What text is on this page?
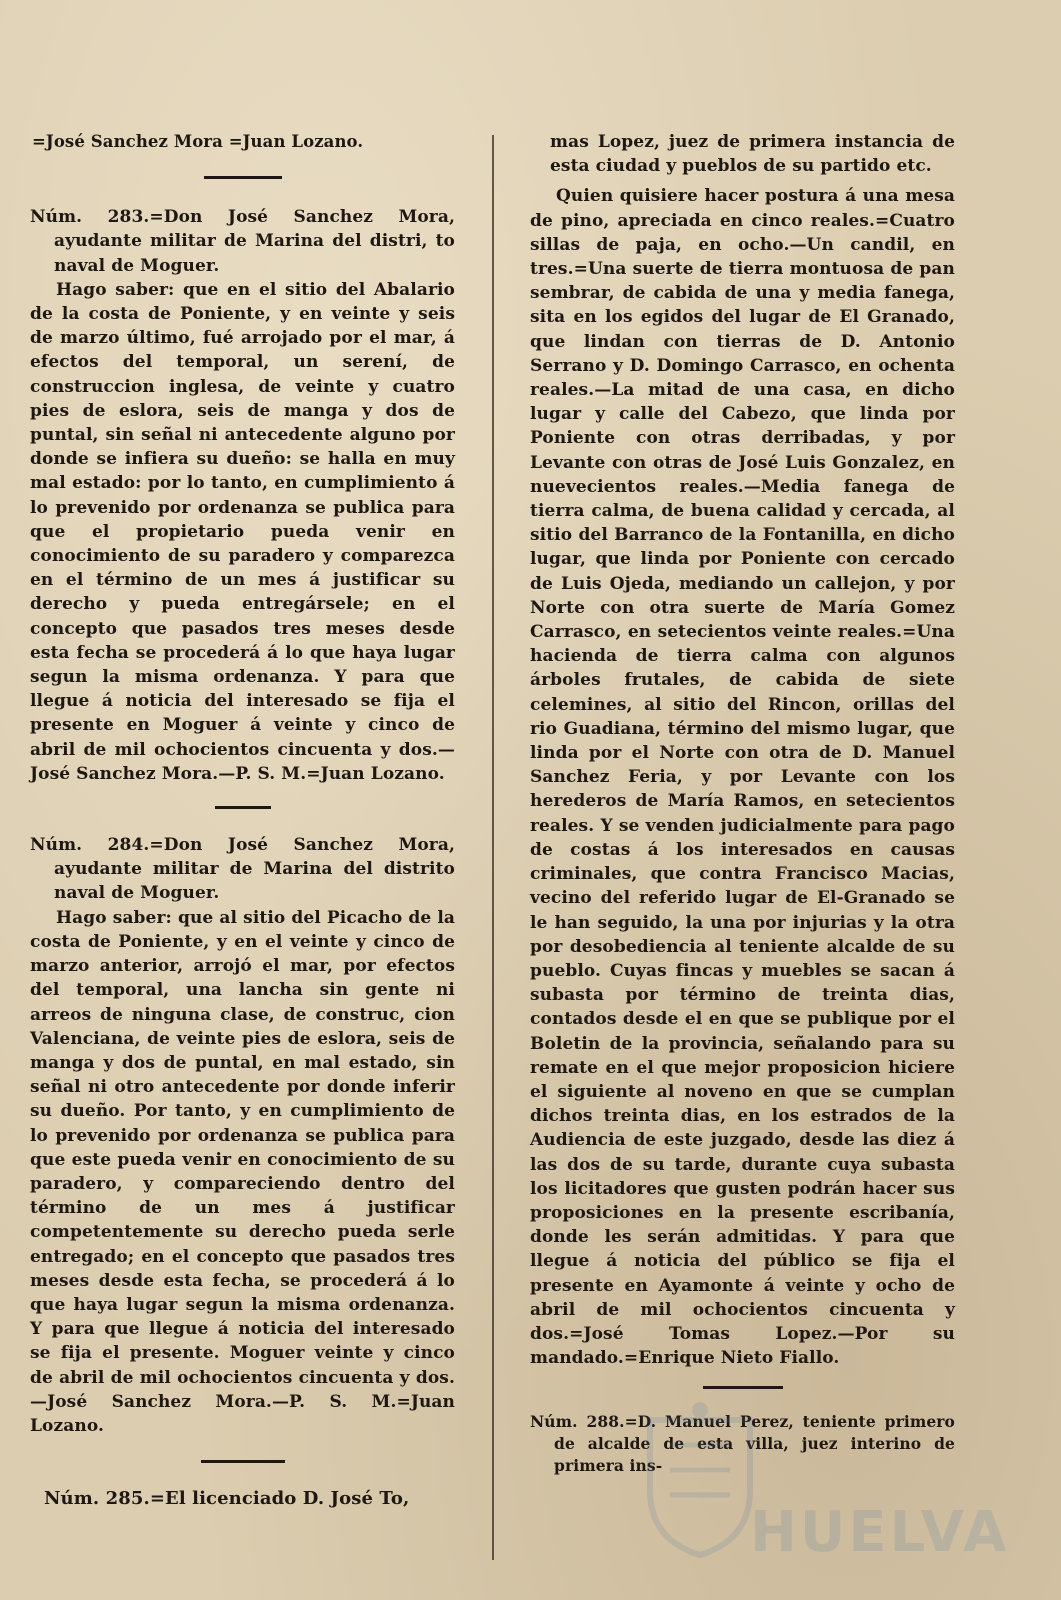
=José Sanchez Mora =Juan Lozano.

Núm. 283.=Don José Sanchez Mora, ayudante militar de Marina del distri, to naval de Moguer.

Hago saber: que en el sitio del Abalario de la costa de Poniente, y en veinte y seis de marzo último, fué arrojado por el mar, á efectos del temporal, un serení, de construccion inglesa, de veinte y cuatro pies de eslora, seis de manga y dos de puntal, sin señal ni antecedente alguno por donde se infiera su dueño: se halla en muy mal estado: por lo tanto, en cumplimiento á lo prevenido por ordenanza se publica para que el propietario pueda venir en conocimiento de su paradero y comparezca en el término de un mes á justificar su derecho y pueda entregársele; en el concepto que pasados tres meses desde esta fecha se procederá á lo que haya lugar segun la misma ordenanza. Y para que llegue á noticia del interesado se fija el presente en Moguer á veinte y cinco de abril de mil ochocientos cincuenta y dos.—José Sanchez Mora.—P. S. M.=Juan Lozano.

Núm. 284.=Don José Sanchez Mora, ayudante militar de Marina del distrito naval de Moguer.

Hago saber: que al sitio del Picacho de la costa de Poniente, y en el veinte y cinco de marzo anterior, arrojó el mar, por efectos del temporal, una lancha sin gente ni arreos de ninguna clase, de construc, cion Valenciana, de veinte pies de eslora, seis de manga y dos de puntal, en mal estado, sin señal ni otro antecedente por donde inferir su dueño. Por tanto, y en cumplimiento de lo prevenido por ordenanza se publica para que este pueda venir en conocimiento de su paradero, y compareciendo dentro del término de un mes á justificar competentemente su derecho pueda serle entregado; en el concepto que pasados tres meses desde esta fecha, se procederá á lo que haya lugar segun la misma ordenanza. Y para que llegue á noticia del interesado se fija el presente. Moguer veinte y cinco de abril de mil ochocientos cincuenta y dos.—José Sanchez Mora.—P. S. M.=Juan Lozano.

Núm. 285.=El licenciado D. José To,

mas Lopez, juez de primera instancia de esta ciudad y pueblos de su partido etc.

Quien quisiere hacer postura á una mesa de pino, apreciada en cinco reales.=Cuatro sillas de paja, en ocho.—Un candil, en tres.=Una suerte de tierra montuosa de pan sembrar, de cabida de una y media fanega, sita en los egidos del lugar de El Granado, que lindan con tierras de D. Antonio Serrano y D. Domingo Carrasco, en ochenta reales.—La mitad de una casa, en dicho lugar y calle del Cabezo, que linda por Poniente con otras derribadas, y por Levante con otras de José Luis Gonzalez, en nuevecientos reales.—Media fanega de tierra calma, de buena calidad y cercada, al sitio del Barranco de la Fontanilla, en dicho lugar, que linda por Poniente con cercado de Luis Ojeda, mediando un callejon, y por Norte con otra suerte de María Gomez Carrasco, en setecientos veinte reales.=Una hacienda de tierra calma con algunos árboles frutales, de cabida de siete celemines, al sitio del Rincon, orillas del rio Guadiana, término del mismo lugar, que linda por el Norte con otra de D. Manuel Sanchez Feria, y por Levante con los herederos de María Ramos, en setecientos reales. Y se venden judicialmente para pago de costas á los interesados en causas criminales, que contra Francisco Macias, vecino del referido lugar de El-Granado se le han seguido, la una por injurias y la otra por desobediencia al teniente alcalde de su pueblo. Cuyas fincas y muebles se sacan á subasta por término de treinta dias, contados desde el en que se publique por el Boletin de la provincia, señalando para su remate en el que mejor proposicion hiciere el siguiente al noveno en que se cumplan dichos treinta dias, en los estrados de la Audiencia de este juzgado, desde las diez á las dos de su tarde, durante cuya subasta los licitadores que gusten podrán hacer sus proposiciones en la presente escribanía, donde les serán admitidas. Y para que llegue á noticia del público se fija el presente en Ayamonte á veinte y ocho de abril de mil ochocientos cincuenta y dos.=José Tomas Lopez.—Por su mandado.=Enrique Nieto Fiallo.

Núm. 288.=D. Manuel Perez, teniente primero de alcalde de esta villa, juez interino de primera ins-

HUELVA
